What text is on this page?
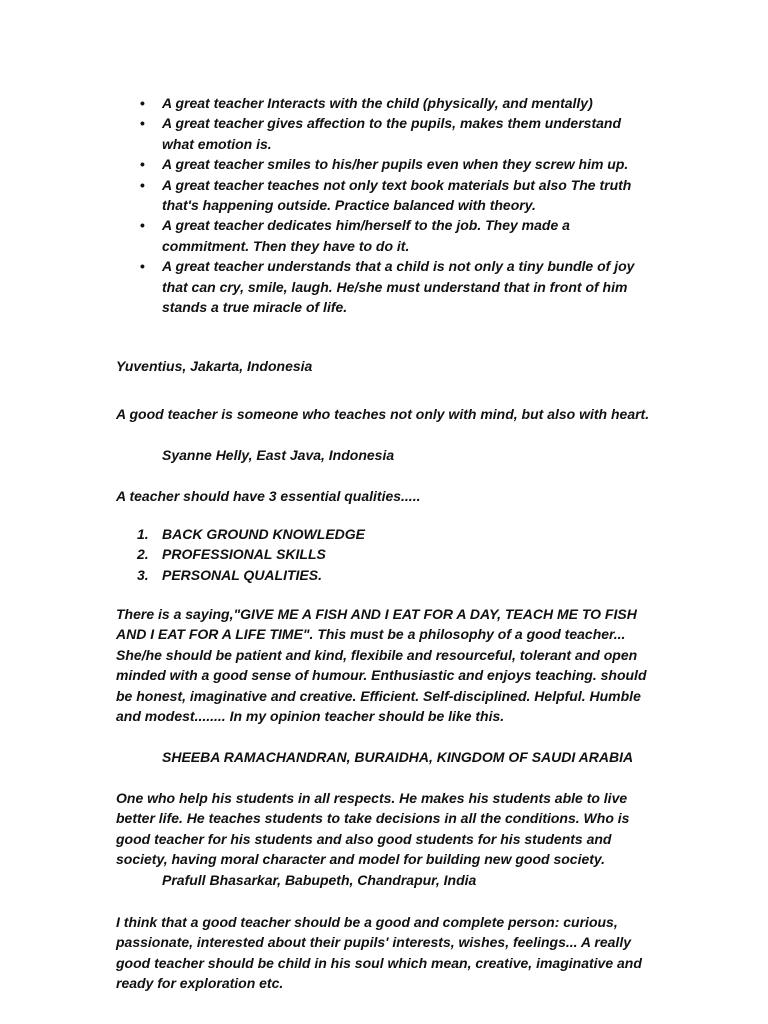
• A great teacher Interacts with the child (physically, and mentally)
• A great teacher gives affection to the pupils, makes them understand what emotion is.
• A great teacher smiles to his/her pupils even when they screw him up.
• A great teacher teaches not only text book materials but also The truth that's happening outside. Practice balanced with theory.
• A great teacher dedicates him/herself to the job. They made a commitment. Then they have to do it.
• A great teacher understands that a child is not only a tiny bundle of joy that can cry, smile, laugh. He/she must understand that in front of him stands a true miracle of life.

Yuventius, Jakarta, Indonesia

A good teacher is someone who teaches not only with mind, but also with heart.

Syanne Helly, East Java, Indonesia

A teacher should have 3 essential qualities.....

1. BACK GROUND KNOWLEDGE
2. PROFESSIONAL SKILLS
3. PERSONAL QUALITIES.

There is a saying,"GIVE ME A FISH AND I EAT FOR A DAY, TEACH ME TO FISH AND I EAT FOR A LIFE TIME". This must be a philosophy of a good teacher... She/he should be patient and kind, flexibile and resourceful, tolerant and open minded with a good sense of humour. Enthusiastic and enjoys teaching. should be honest, imaginative and creative. Efficient. Self-disciplined. Helpful. Humble and modest........ In my opinion teacher should be like this.

SHEEBA RAMACHANDRAN, BURAIDHA, KINGDOM OF SAUDI ARABIA

One who help his students in all respects. He makes his students able to live better life. He teaches students to take decisions in all the conditions. Who is good teacher for his students and also good students for his students and society, having moral character and model for building new good society.

Prafull Bhasarkar, Babupeth, Chandrapur, India

I think that a good teacher should be a good and complete person: curious, passionate, interested about their pupils' interests, wishes, feelings... A really good teacher should be child in his soul which mean, creative, imaginative and ready for exploration etc.
